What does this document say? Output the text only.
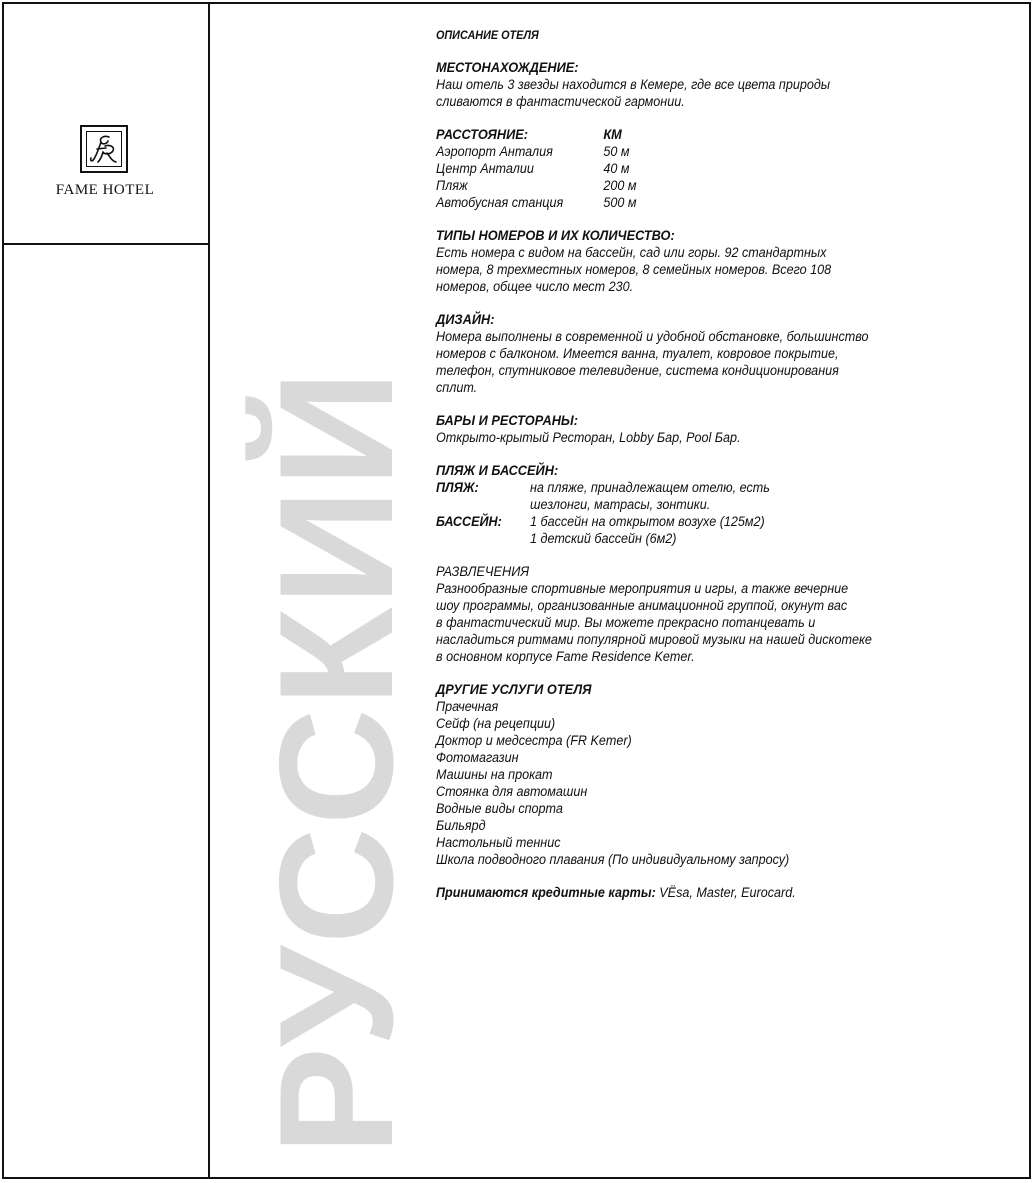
FAME HOTEL
РУССКИЙ

ОПИСАНИЕ ОТЕЛЯ

МЕСТОНАХОЖДЕНИЕ:

Наш отель 3 звезды находится в Кемере, где все цвета природы

сливаются в фантастической гармонии.

РАССТОЯНИЕ:	КМ
Аэропорт Анталия	50 м
Центр Анталии	40 м
Пляж	200 м
Автобусная станция	500 м

ТИПЫ НОМЕРОВ И ИХ КОЛИЧЕСТВО:

Есть номера с видом на бассейн, сад или горы. 92 стандартных

номера, 8 трехместных номеров, 8 семейных номеров. Всего 108

номеров, общее число мест 230.

ДИЗАЙН:

Номера выполнены в современной и удобной обстановке, большинство

номеров с балконом. Имеется ванна, туалет, ковровое покрытие,

телефон, спутниковое телевидение, система кондиционирования

сплит.

БАРЫ И РЕСТОРАНЫ:

Открыто-крытый Ресторан, Lobby Бар, Pool Бар.

ПЛЯЖ И БАССЕЙН:

ПЛЯЖ:	на пляже, принадлежащем отелю, есть

шезлонги, матрасы, зонтики.

БАССЕЙН:	1 бассейн на открытом возухе (125м2)

1 детский бассейн (6м2)

РАЗВЛЕЧЕНИЯ

Разнообразные спортивные мероприятия и игры, а также вечерние

шоу программы, организованные анимационной группой, окунут вас

в фантастический мир. Вы можете прекрасно потанцевать и

насладиться ритмами популярной мировой музыки на нашей дискотеке

в основном корпусе Fame Residence Kemer.

ДРУГИЕ УСЛУГИ ОТЕЛЯ

Прачечная

Сейф (на рецепции)

Доктор и медсестра (FR Kemer)

Фотомагазин

Машины на прокат

Стоянка для автомашин

Водные виды спорта

Бильярд

Настольный теннис

Школа подводного плавания (По индивидуальному запросу)

Принимаются кредитные карты: VЁsa, Master, Eurocard.
